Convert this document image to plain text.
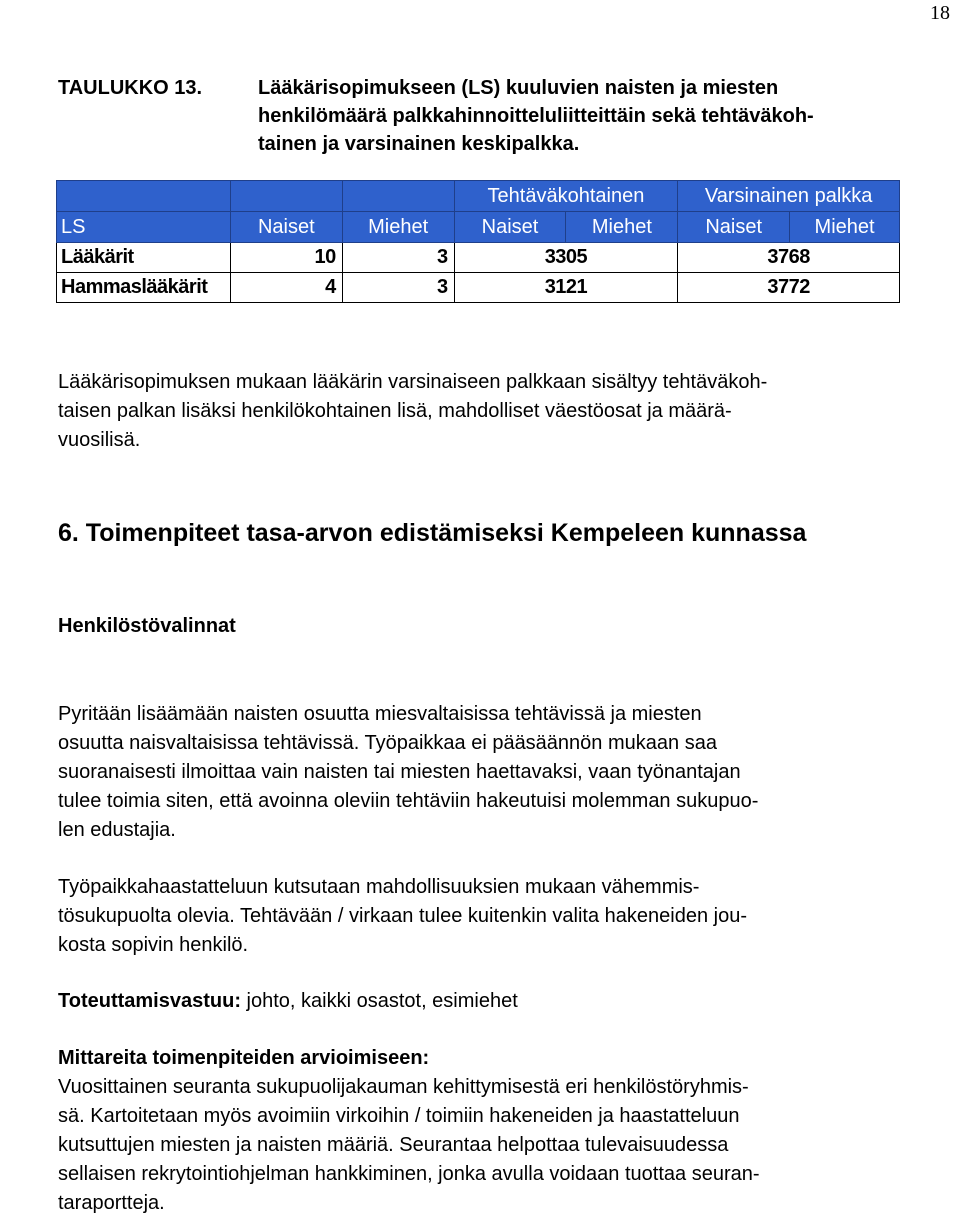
18
TAULUKKO 13.	Lääkärisopimukseen (LS) kuuluvien naisten ja miesten
henkilömäärä palkkahinnoitteluliitteittäin sekä tehtäväkoh-
tainen ja varsinainen keskipalkka.
			Tehtäväkohtainen		Varsinainen palkka	
LS	Naiset	Miehet	Naiset	Miehet	Naiset	Miehet
Lääkärit	10	3	3305		3768	
Hammaslääkärit	4	3	3121		3772	
Lääkärisopimuksen mukaan lääkärin varsinaiseen palkkaan sisältyy tehtäväkoh-
taisen palkan lisäksi henkilökohtainen lisä, mahdolliset väestöosat ja määrä-
vuosilisä.
6. Toimenpiteet tasa-arvon edistämiseksi Kempeleen kunnassa
Henkilöstövalinnat
Pyritään lisäämään naisten osuutta miesvaltaisissa tehtävissä ja miesten
osuutta naisvaltaisissa tehtävissä. Työpaikkaa ei pääsäännön mukaan saa
suoranaisesti ilmoittaa vain naisten tai miesten haettavaksi, vaan työnantajan
tulee toimia siten, että avoinna oleviin tehtäviin hakeutuisi molemman sukupuo-
len edustajia.
Työpaikkahaastatteluun kutsutaan mahdollisuuksien mukaan vähemmis-
tösukupuolta olevia. Tehtävään / virkaan tulee kuitenkin valita hakeneiden jou-
kosta sopivin henkilö.
Toteuttamisvastuu: johto, kaikki osastot, esimiehet
Mittareita toimenpiteiden arvioimiseen:
Vuosittainen seuranta sukupuolijakauman kehittymisestä eri henkilöstöryhmis-
sä. Kartoitetaan myös avoimiin virkoihin / toimiin hakeneiden ja haastatteluun
kutsuttujen miesten ja naisten määriä. Seurantaa helpottaa tulevaisuudessa
sellaisen rekrytointiohjelman hankkiminen, jonka avulla voidaan tuottaa seuran-
taraportteja.
